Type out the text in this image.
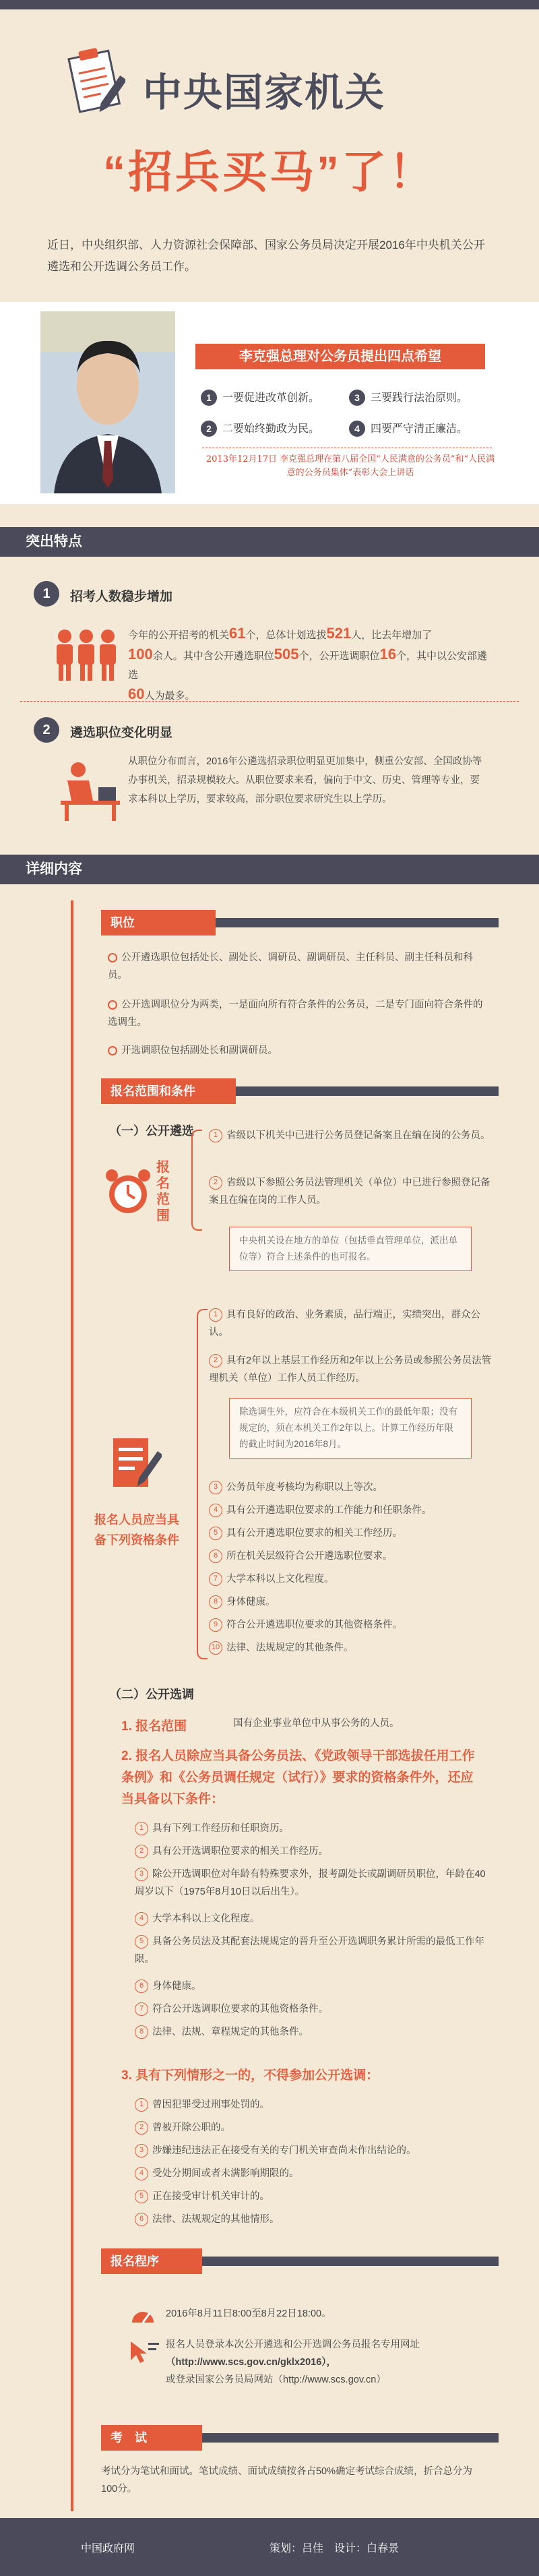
中央国家机关
“招兵买马”了！
近日，中央组织部、人力资源社会保障部、国家公务员局决定开展2016年中央机关公开遴选和公开选调公务员工作。
李克强总理对公务员提出四点希望
1 一要促进改革创新。	3 三要践行法治原则。
2 二要始终勤政为民。	4 四要严守清正廉洁。
2013年12月17日 李克强总理在第八届全国“人民满意的公务员”和“人民满意的公务员集体”表彰大会上讲话
突出特点
1	招考人数稳步增加
今年的公开招考的机关61个，总体计划选拔521人，比去年增加了
100余人。其中含公开遴选职位505个，公开选调职位16个，其中以公安部遴选
60人为最多。
2	遴选职位变化明显
从职位分布而言，2016年公遴选招录职位明显更加集中，侧重公安部、全国政协等办事机关，招录规模较大。从职位要求来看，偏向于中文、历史、管理等专业，要求本科以上学历，要求较高，部分职位要求研究生以上学历。
详细内容
职位
公开遴选职位包括处长、副处长、调研员、副调研员、主任科员、副主任科员和科员。
公开选调职位分为两类，一是面向所有符合条件的公务员，二是专门面向符合条件的选调生。
开选调职位包括副处长和副调研员。
报名范围和条件
（一）公开遴选
报名范围
1 省级以下机关中已进行公务员登记备案且在编在岗的公务员。
2 省级以下参照公务员法管理机关（单位）中已进行参照登记备案且在编在岗的工作人员。
中央机关设在地方的单位（包括垂直管理单位，派出单位等）符合上述条件的也可报名。
报名人员应当具备下列资格条件
1 具有良好的政治、业务素质，品行端正，实绩突出，群众公认。
2 具有2年以上基层工作经历和2年以上公务员或参照公务员法管理机关（单位）工作人员工作经历。
除选调生外，应符合在本级机关工作的最低年限；没有规定的，须在本机关工作2年以上。计算工作经历年限的截止时间为2016年8月。
3 公务员年度考核均为称职以上等次。
4 具有公开遴选职位要求的工作能力和任职条件。
5 具有公开遴选职位要求的相关工作经历。
6 所在机关层级符合公开遴选职位要求。
7 大学本科以上文化程度。
8 身体健康。
9 符合公开遴选职位要求的其他资格条件。
10 法律、法规规定的其他条件。
（二）公开选调
1. 报名范围	国有企业事业单位中从事公务的人员。
2. 报名人员除应当具备公务员法、《党政领导干部选拔任用工作条例》和《公务员调任规定（试行）》要求的资格条件外，还应当具备以下条件：
1 具有下列工作经历和任职资历。
2 具有公开选调职位要求的相关工作经历。
3 除公开选调职位对年龄有特殊要求外，报考副处长或副调研员职位，年龄在40周岁以下（1975年8月10日以后出生）。
4 大学本科以上文化程度。
5 具备公务员法及其配套法规规定的晋升至公开选调职务累计所需的最低工作年限。
6 身体健康。
7 符合公开选调职位要求的其他资格条件。
8 法律、法规、章程规定的其他条件。
3. 具有下列情形之一的，不得参加公开选调：
1 曾因犯罪受过刑事处罚的。
2 曾被开除公职的。
3 涉嫌违纪违法正在接受有关的专门机关审查尚未作出结论的。
4 受处分期间或者未满影响期限的。
5 正在接受审计机关审计的。
6 法律、法规规定的其他情形。
报名程序
2016年8月11日8:00至8月22日18:00。
报名人员登录本次公开遴选和公开选调公务员报名专用网址
（http://www.scs.gov.cn/gklx2016），
或登录国家公务员局网站（http://www.scs.gov.cn）
考　试
考试分为笔试和面试。笔试成绩、面试成绩按各占50%确定考试综合成绩，折合总分为100分。
中国政府网	策划：吕佳　设计：白春景
